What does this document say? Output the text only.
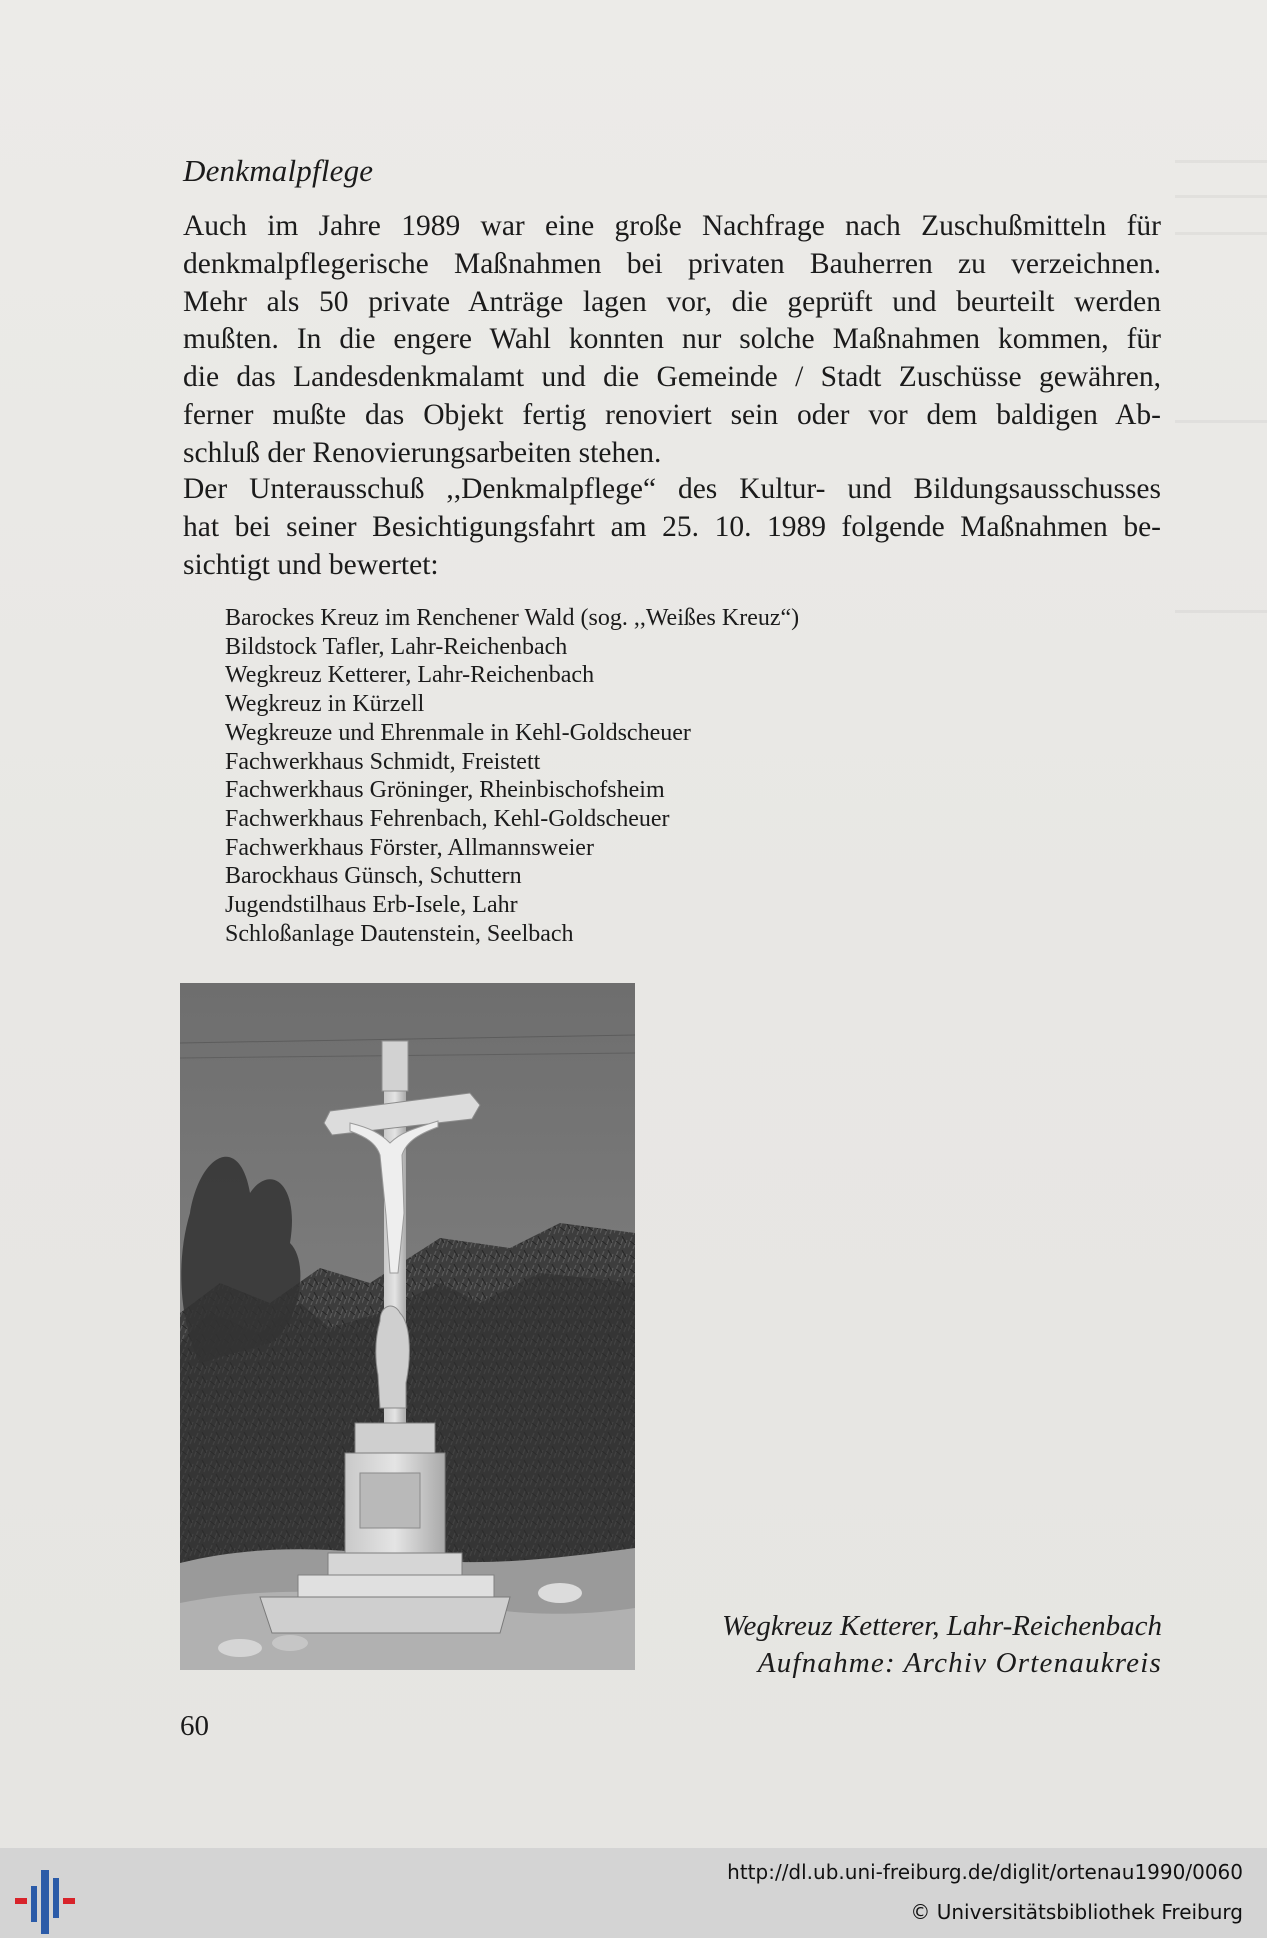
Denkmalpflege
Auch im Jahre 1989 war eine große Nachfrage nach Zuschußmitteln für
denkmalpflegerische Maßnahmen bei privaten Bauherren zu verzeichnen.
Mehr als 50 private Anträge lagen vor, die geprüft und beurteilt werden
mußten. In die engere Wahl konnten nur solche Maßnahmen kommen, für
die das Landesdenkmalamt und die Gemeinde / Stadt Zuschüsse gewähren,
ferner mußte das Objekt fertig renoviert sein oder vor dem baldigen Ab-
schluß der Renovierungsarbeiten stehen.
Der Unterausschuß ,,Denkmalpflege“ des Kultur- und Bildungsausschusses
hat bei seiner Besichtigungsfahrt am 25. 10. 1989 folgende Maßnahmen be-
sichtigt und bewertet:
Barockes Kreuz im Renchener Wald (sog. ,,Weißes Kreuz“)
Bildstock Tafler, Lahr-Reichenbach
Wegkreuz Ketterer, Lahr-Reichenbach
Wegkreuz in Kürzell
Wegkreuze und Ehrenmale in Kehl-Goldscheuer
Fachwerkhaus Schmidt, Freistett
Fachwerkhaus Gröninger, Rheinbischofsheim
Fachwerkhaus Fehrenbach, Kehl-Goldscheuer
Fachwerkhaus Förster, Allmannsweier
Barockhaus Günsch, Schuttern
Jugendstilhaus Erb-Isele, Lahr
Schloßanlage Dautenstein, Seelbach
Wegkreuz Ketterer, Lahr-Reichenbach
Aufnahme: Archiv Ortenaukreis
60
http://dl.ub.uni-freiburg.de/diglit/ortenau1990/0060
© Universitätsbibliothek Freiburg
